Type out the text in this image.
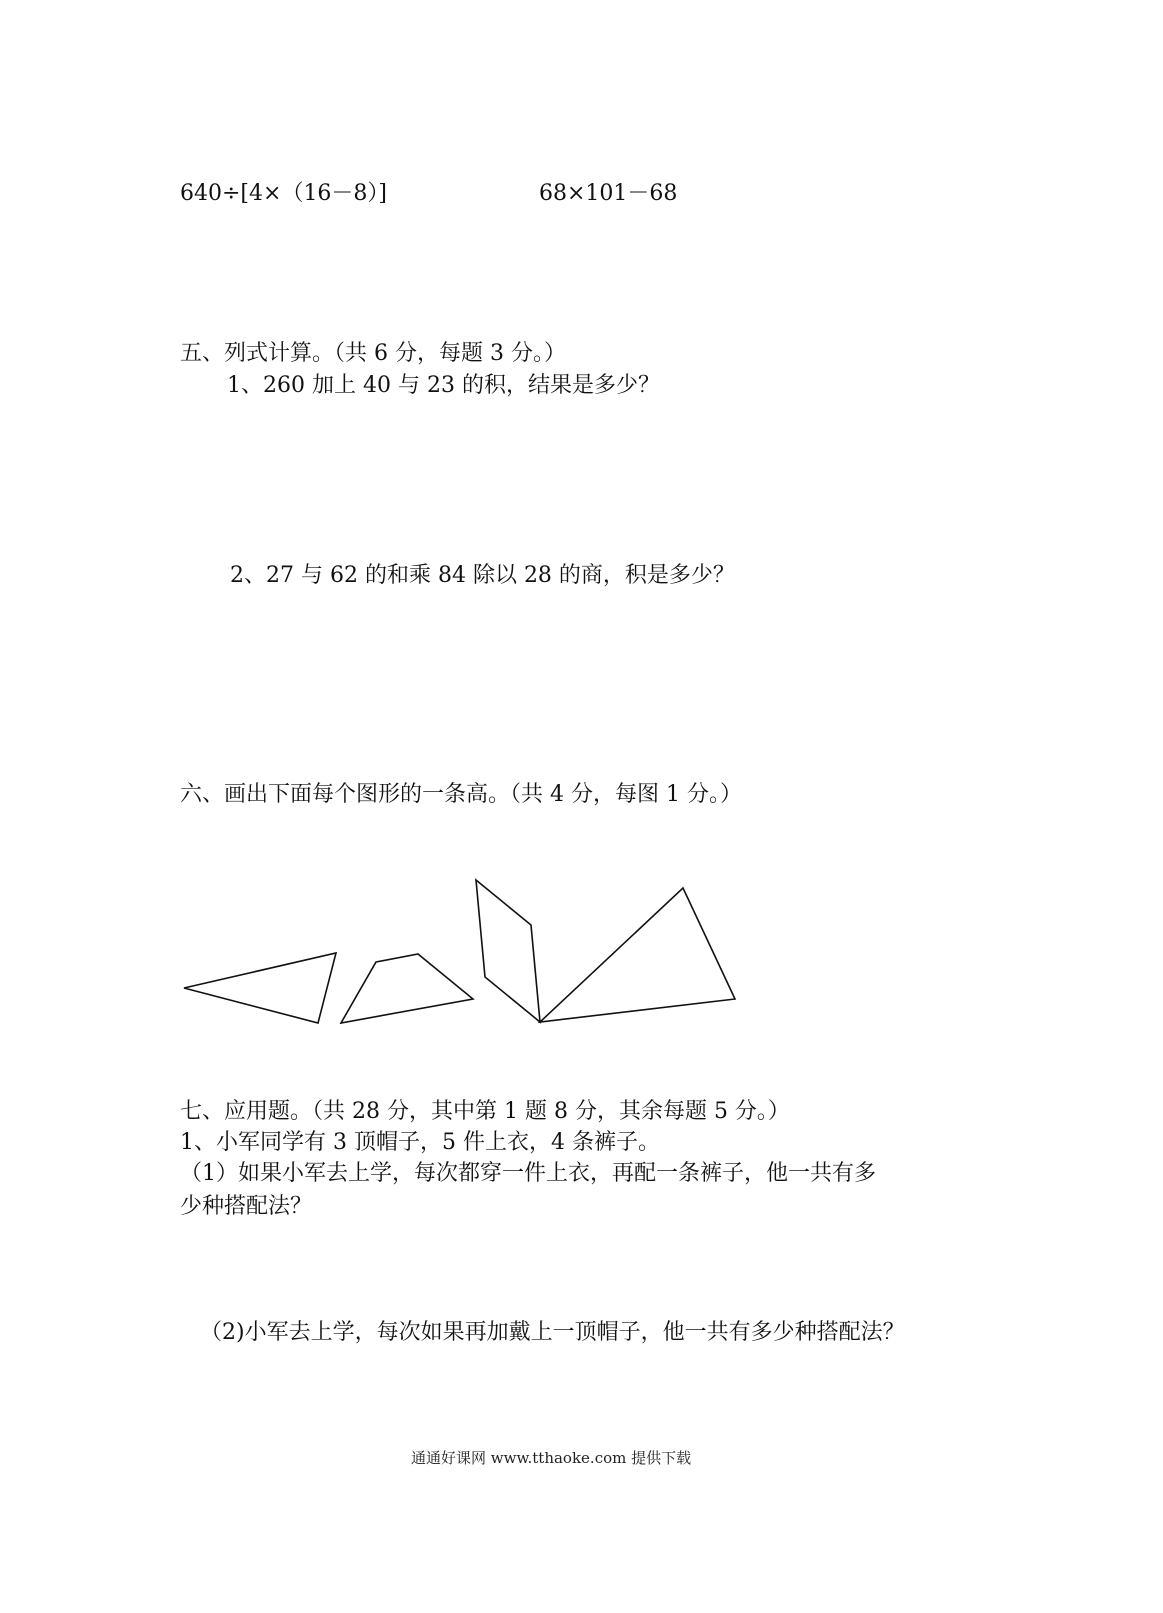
640÷[4×（16－8）]	68×101－68
五、列式计算。（共 6 分，每题 3 分。）
1、260 加上 40 与 23 的积，结果是多少？
2、27 与 62 的和乘 84 除以 28 的商，积是多少？
六、画出下面每个图形的一条高。（共 4 分，每图 1 分。）
七、应用题。（共 28 分，其中第 1 题 8 分，其余每题 5 分。）
1、小军同学有 3 顶帽子，5 件上衣，4 条裤子。
（1）如果小军去上学，每次都穿一件上衣，再配一条裤子，他一共有多
少种搭配法？
（2)小军去上学，每次如果再加戴上一顶帽子，他一共有多少种搭配法？
通通好课网 www.tthaoke.com 提供下载
